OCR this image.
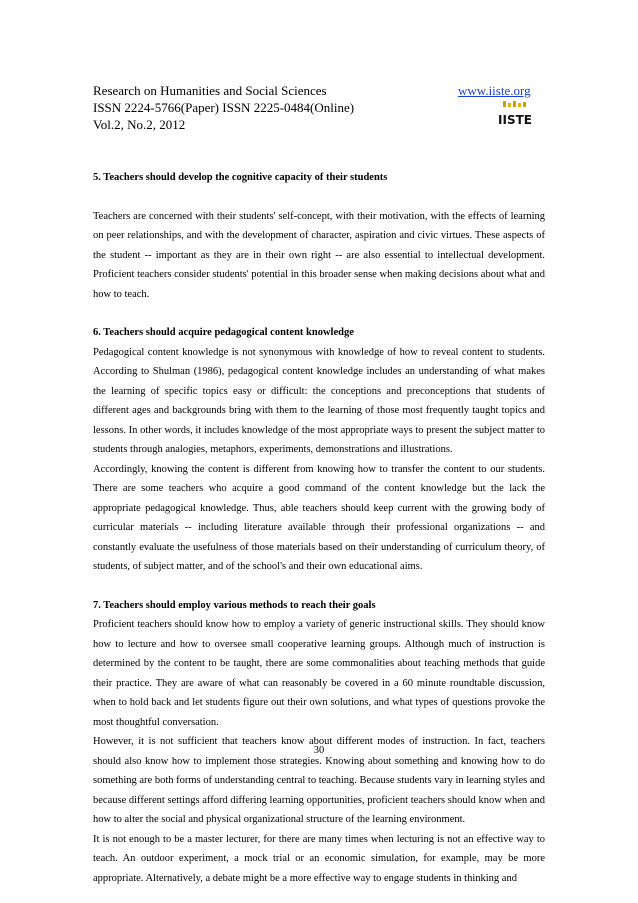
Research on Humanities and Social Sciences
ISSN 2224-5766(Paper) ISSN 2225-0484(Online)
Vol.2, No.2, 2012
www.iiste.org
IISTE

5. Teachers should develop the cognitive capacity of their students

Teachers are concerned with their students' self-concept, with their motivation, with the effects of learning on peer relationships, and with the development of character, aspiration and civic virtues. These aspects of the student -- important as they are in their own right -- are also essential to intellectual development. Proficient teachers consider students' potential in this broader sense when making decisions about what and how to teach.

6. Teachers should acquire pedagogical content knowledge

Pedagogical content knowledge is not synonymous with knowledge of how to reveal content to students. According to Shulman (1986), pedagogical content knowledge includes an understanding of what makes the learning of specific topics easy or difficult: the conceptions and preconceptions that students of different ages and backgrounds bring with them to the learning of those most frequently taught topics and lessons. In other words, it includes knowledge of the most appropriate ways to present the subject matter to students through analogies, metaphors, experiments, demonstrations and illustrations.

Accordingly, knowing the content is different from knowing how to transfer the content to our students. There are some teachers who acquire a good command of the content knowledge but the lack the appropriate pedagogical knowledge. Thus, able teachers should keep current with the growing body of curricular materials -- including literature available through their professional organizations -- and constantly evaluate the usefulness of those materials based on their understanding of curriculum theory, of students, of subject matter, and of the school's and their own educational aims.

7. Teachers should employ various methods to reach their goals

Proficient teachers should know how to employ a variety of generic instructional skills. They should know how to lecture and how to oversee small cooperative learning groups. Although much of instruction is determined by the content to be taught, there are some commonalities about teaching methods that guide their practice. They are aware of what can reasonably be covered in a 60 minute roundtable discussion, when to hold back and let students figure out their own solutions, and what types of questions provoke the most thoughtful conversation.

However, it is not sufficient that teachers know about different modes of instruction. In fact, teachers should also know how to implement those strategies. Knowing about something and knowing how to do something are both forms of understanding central to teaching. Because students vary in learning styles and because different settings afford differing learning opportunities, proficient teachers should know when and how to alter the social and physical organizational structure of the learning environment.

It is not enough to be a master lecturer, for there are many times when lecturing is not an effective way to teach. An outdoor experiment, a mock trial or an economic simulation, for example, may be more appropriate. Alternatively, a debate might be a more effective way to engage students in thinking and

30
